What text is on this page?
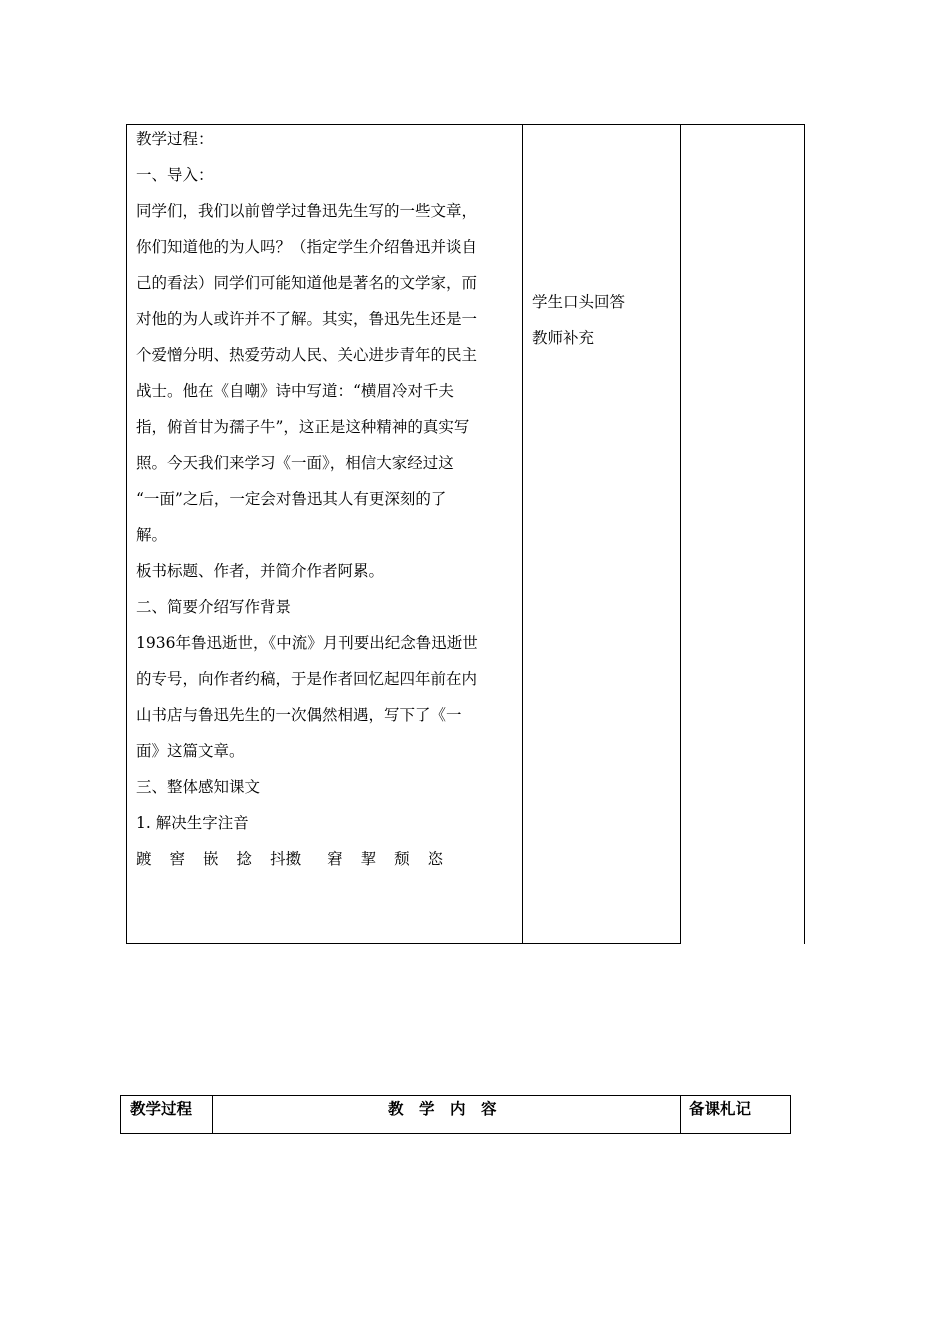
教学过程：
一、导入：
同学们，我们以前曾学过鲁迅先生写的一些文章，
你们知道他的为人吗？（指定学生介绍鲁迅并谈自
己的看法）同学们可能知道他是著名的文学家，而
对他的为人或许并不了解。其实，鲁迅先生还是一
个爱憎分明、热爱劳动人民、关心进步青年的民主
战士。他在《自嘲》诗中写道：“横眉冷对千夫
指，俯首甘为孺子牛”，这正是这种精神的真实写
照。今天我们来学习《一面》，相信大家经过这
“一面”之后，一定会对鲁迅其人有更深刻的了
解。
板书标题、作者，并简介作者阿累。
二、简要介绍写作背景
1936年鲁迅逝世，《中流》月刊要出纪念鲁迅逝世
的专号，向作者约稿，于是作者回忆起四年前在内
山书店与鲁迅先生的一次偶然相遇，写下了《一
面》这篇文章。
三、整体感知课文
1. 解决生字注音
踱 窖 嵌 捻 抖擞 窘 挈 颓 恣
学生口头回答
教师补充
教学过程	教　学　内　容	备课札记
